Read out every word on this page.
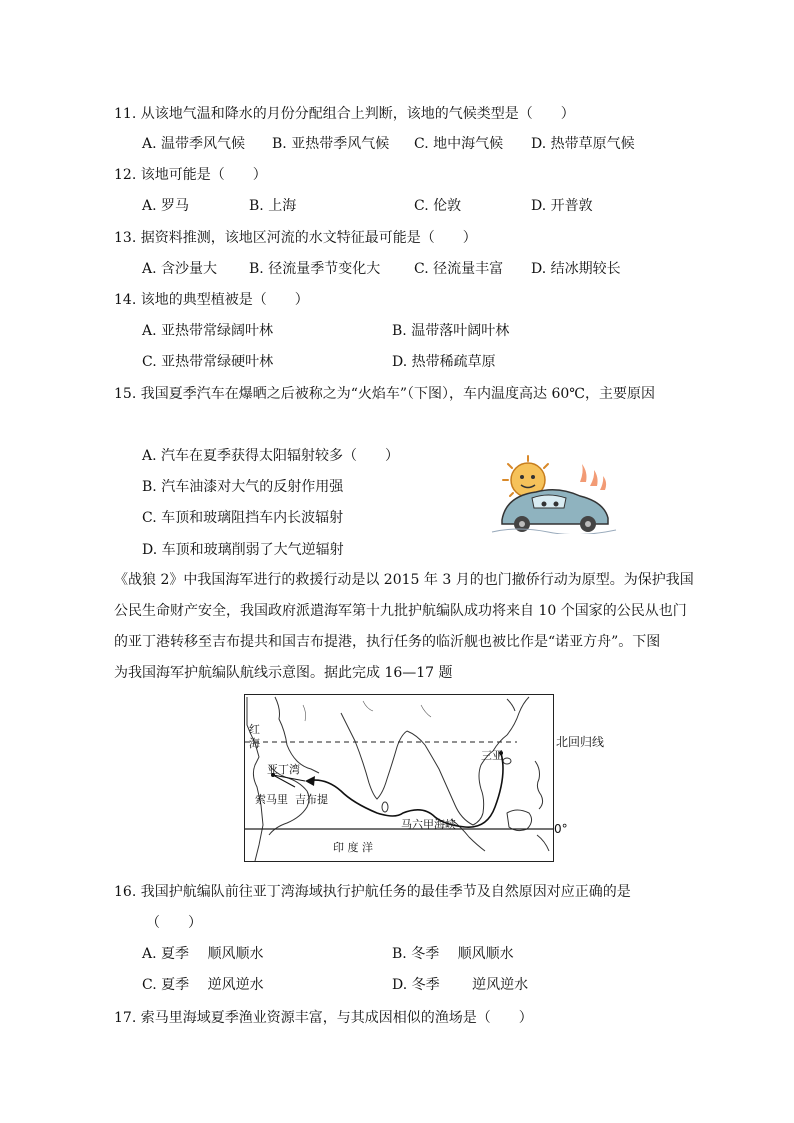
11. 从该地气温和降水的月份分配组合上判断，该地的气候类型是（　　）
A. 温带季风气候 B. 亚热带季风气候 C. 地中海气候 D. 热带草原气候
12. 该地可能是（　　）
A. 罗马	B. 上海	C. 伦敦	D. 开普敦
13. 据资料推测，该地区河流的水文特征最可能是（　　）
A. 含沙量大 B. 径流量季节变化大 C. 径流量丰富 D. 结冰期较长
14. 该地的典型植被是（　　）
A. 亚热带常绿阔叶林	B. 温带落叶阔叶林
C. 亚热带常绿硬叶林	D. 热带稀疏草原
15. 我国夏季汽车在爆晒之后被称之为“火焰车”（下图），车内温度高达 60℃，主要原因
A. 汽车在夏季获得太阳辐射较多（　　）
B. 汽车油漆对大气的反射作用强
C. 车顶和玻璃阻挡车内长波辐射
D. 车顶和玻璃削弱了大气逆辐射
《战狼 2》中我国海军进行的救援行动是以 2015 年 3 月的也门撤侨行动为原型。为保护我国
公民生命财产安全，我国政府派遣海军第十九批护航编队成功将来自 10 个国家的公民从也门
的亚丁港转移至吉布提共和国吉布提港，执行任务的临沂舰也被比作是“诺亚方舟”。下图
为我国海军护航编队航线示意图。据此完成 16—17 题
红
海
亚丁湾
索马里 吉布提
三亚
马六甲海峡
印 度 洋
北回归线
0°
16. 我国护航编队前往亚丁湾海域执行护航任务的最佳季节及自然原因对应正确的是
（　　）
A. 夏季　 顺风顺水	B. 冬季　 顺风顺水
C. 夏季　 逆风逆水	D. 冬季　　 逆风逆水
17. 索马里海域夏季渔业资源丰富，与其成因相似的渔场是（　　）
